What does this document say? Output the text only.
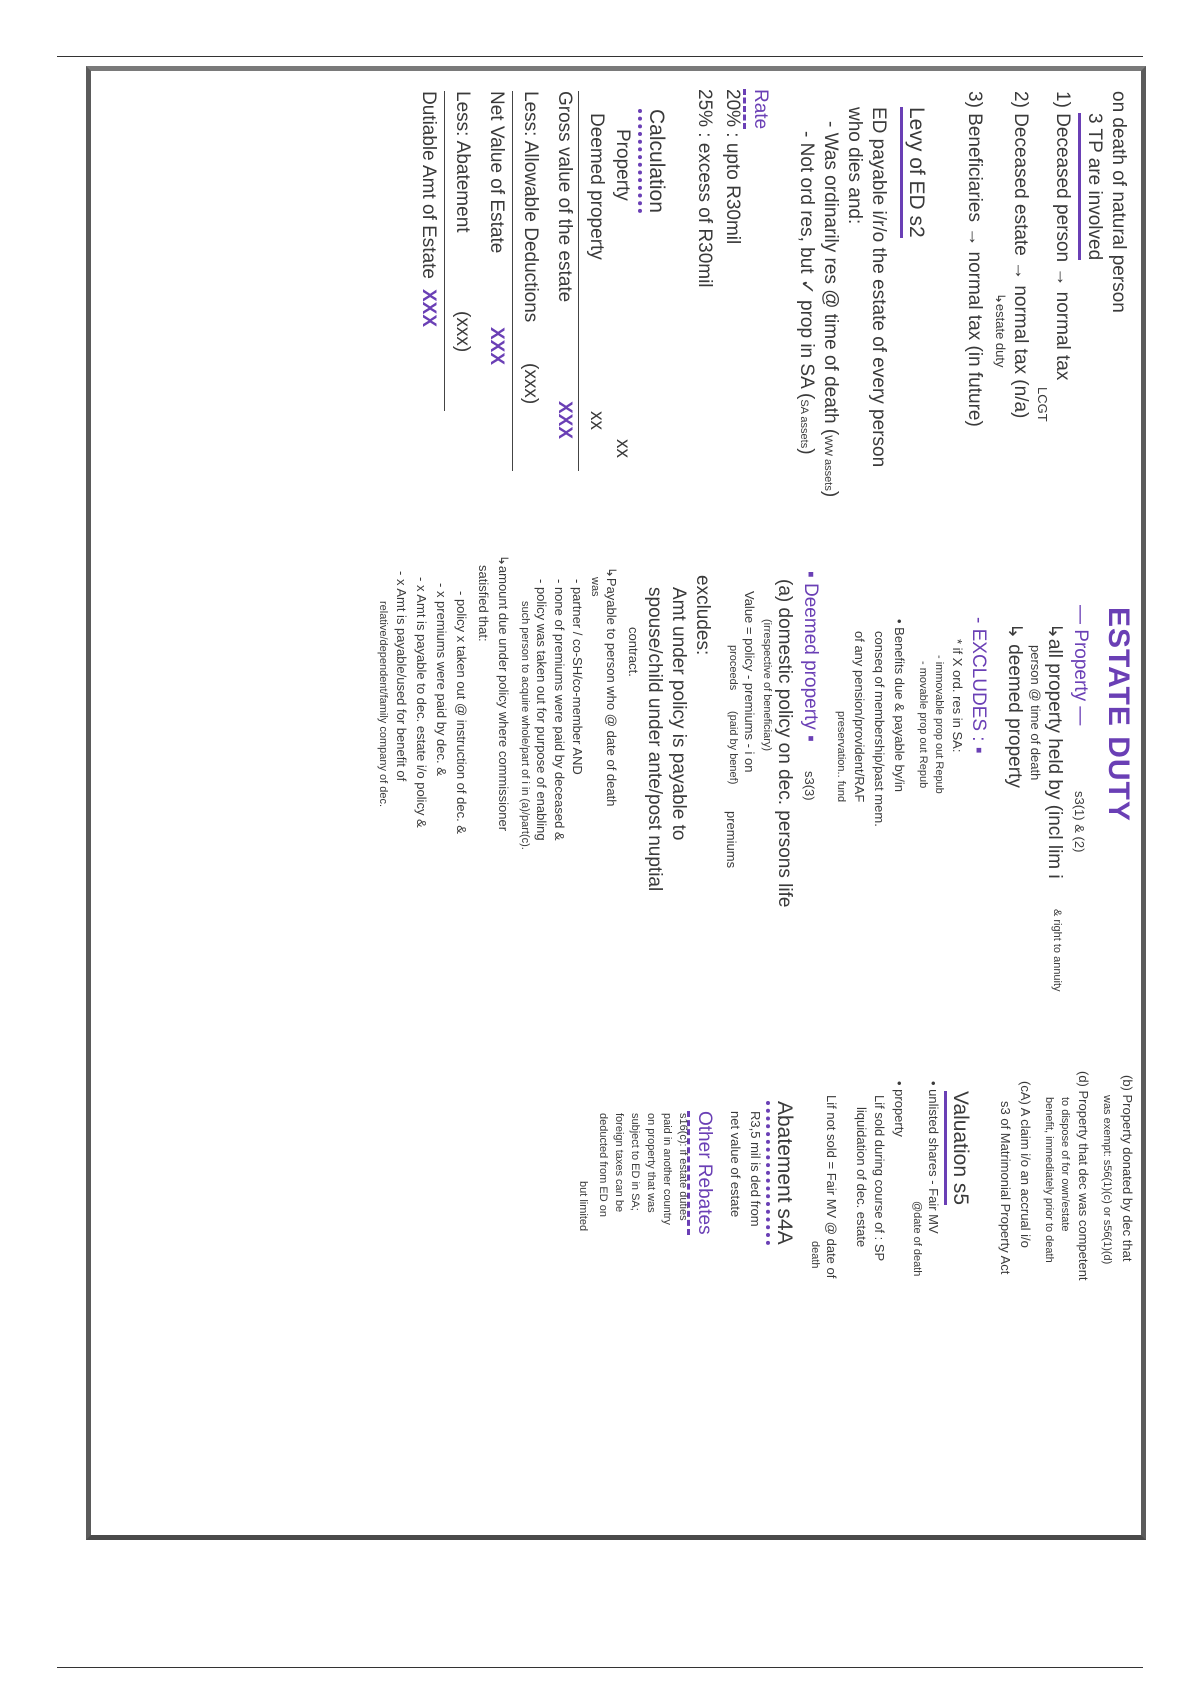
on death of natural person
3 TP are involved
1) Deceased person → normal tax
LCGT
2) Deceased estate → normal tax (n/a)
↳estate duty
3) Beneficiaries → normal tax (in future)
Levy of ED s2
ED payable i/r/o the estate of every person
who dies and:
- Was ordinarily res @ time of death (WW assets)
- Not ord res, but ✓ prop in SA (SA assets)
Rate
20% : upto R30mil
25% : excess of R30mil
Calculation
Property
xx
Deemed property
xx
Gross value of the estate
XXX
Less: Allowable Deductions
(xxx)
Net Value of Estate
XXX
Less: Abatement
(xxx)
Dutiable Amt of Estate
XXX
ESTATE DUTY
— Property —
s3(1) & (2)
↳all property held by (incl lim i
& right to annuity
person @ time of death
↳ deemed property
- EXCLUDES : ▪
* if X ord. res in SA:
- immovable prop out Repub
- movable prop out Repub
• Benefits due & payable by/in
conseq of membership/past mem.
of any pension/provident/RAF
preservation.. fund
▪ Deemed property ▪
s3(3)
(a) domestic policy on dec. persons life
(irrespective of beneficiary)
Value = policy - premiums - i on
proceeds
(paid by benef)
premiums
excludes:
Amt under policy is payable to
spouse/child under ante/post nuptial
contract.
↳Payable to person who @ date of death
was
- partner / co-SH/co-member AND
- none of premiums were paid by deceased &
- policy was taken out for purpose of enabling
such person to acquire whole/part of i in (a)/part(c).
↳amount due under policy where commissioner
satisfied that:
- policy x taken out @ instruction of dec. &
- x premiums were paid by dec. &
- x Amt is payable to dec. estate i/o policy &
- x Amt is payable/used for benefit of
relative/dependent/family company of dec.
(b) Property donated by dec that
was exempt: s56(1)(c) or s56(1)(d)
(d) Property that dec was competent
to dispose of for own/estate
benefit, immediately prior to death
(cA) A claim i/o an accrual i/o
s3 of Matrimonial Property Act
Valuation s5
• unlisted shares - Fair MV
@date of death
• property
Lif sold during course of : SP
liquidation of dec. estate
Lif not sold = Fair MV @ date of
death
Abatement s4A
R3,5 mil is ded from
net value of estate
Other Rebates
s16(c): if estate duties
paid in another country
on property that was
subject to ED in SA;
foreign taxes can be
deducted from ED on
but limited
